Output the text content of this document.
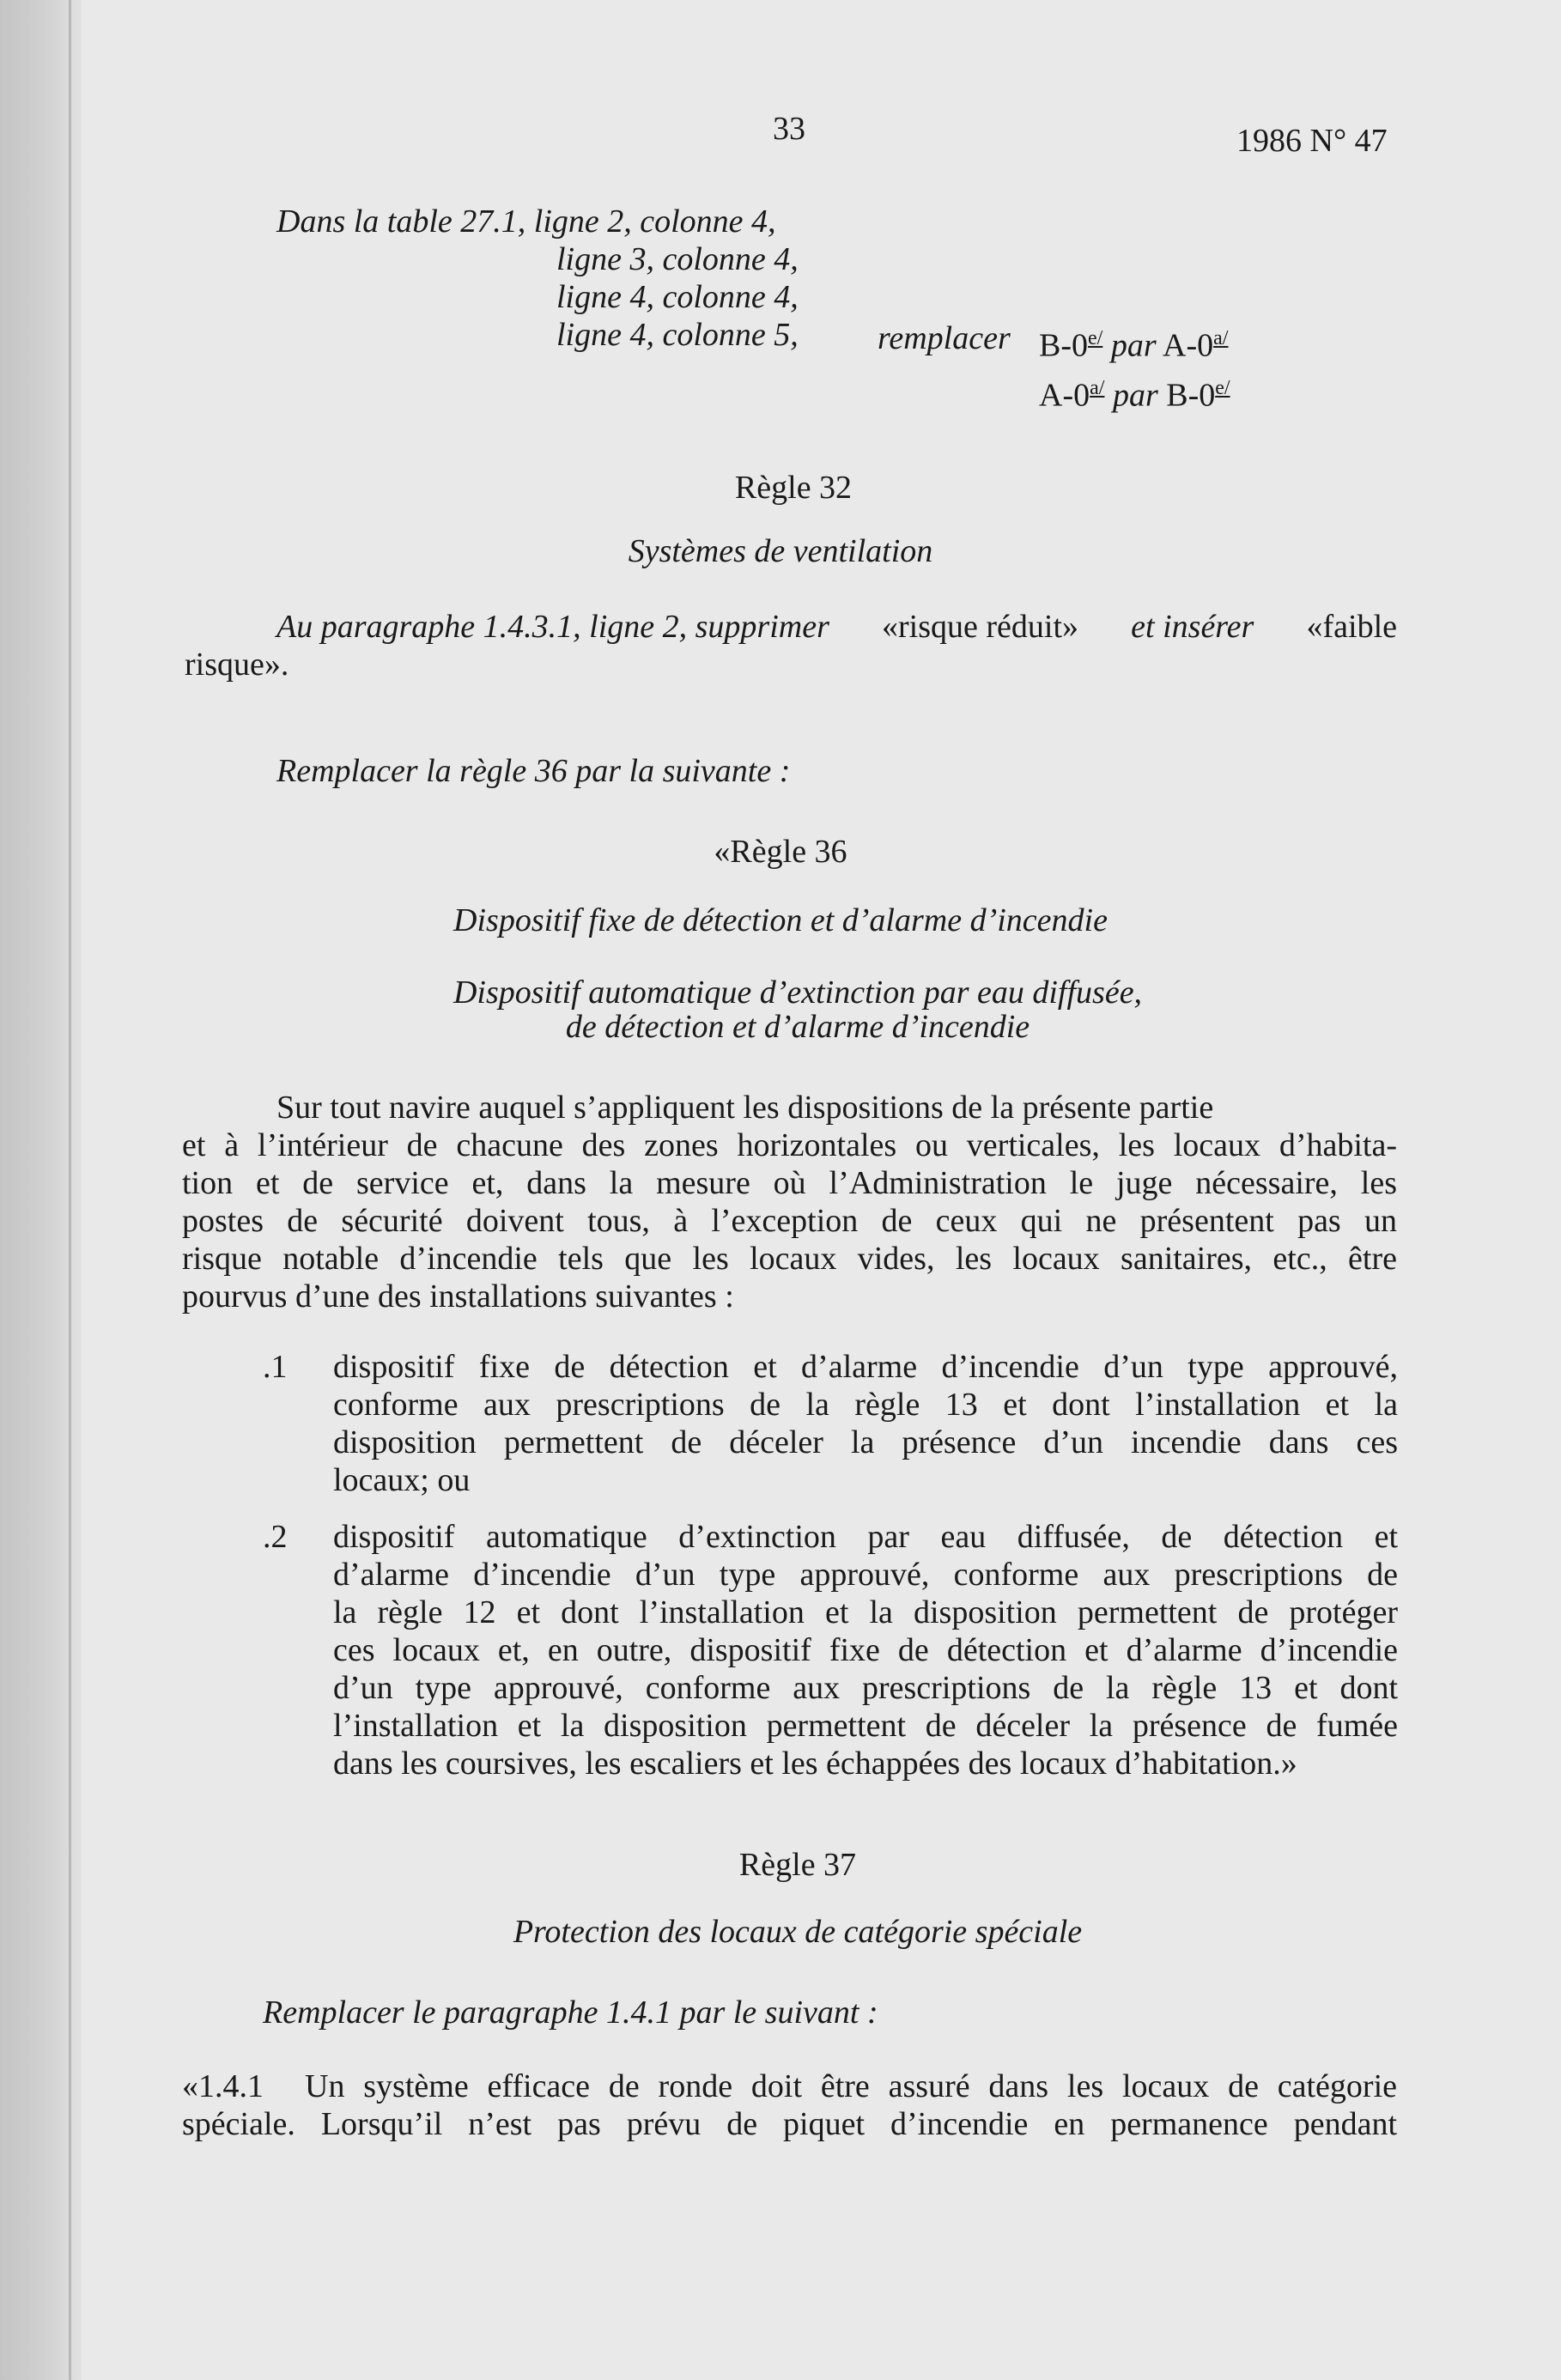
33	1986 N° 47
Dans la table 27.1, ligne 2, colonne 4,
ligne 3, colonne 4,
ligne 4, colonne 4,
ligne 4, colonne 5, remplacer $B-0^{e/}$ par $A-0^{a/}$
$A-0^{a/}$ par $B-0^{e/}$
Règle 32
Systèmes de ventilation
Au paragraphe 1.4.3.1, ligne 2, supprimer «risque réduit» et insérer «faible
risque».
Remplacer la règle 36 par la suivante :
«Règle 36
Dispositif fixe de détection et d’alarme d’incendie
Dispositif automatique d’extinction par eau diffusée,
de détection et d’alarme d’incendie
Sur tout navire auquel s’appliquent les dispositions de la présente partie
et à l’intérieur de chacune des zones horizontales ou verticales, les locaux d’habita-
tion et de service et, dans la mesure où l’Administration le juge nécessaire, les
postes de sécurité doivent tous, à l’exception de ceux qui ne présentent pas un
risque notable d’incendie tels que les locaux vides, les locaux sanitaires, etc., être
pourvus d’une des installations suivantes :
.1 dispositif fixe de détection et d’alarme d’incendie d’un type approuvé,
conforme aux prescriptions de la règle 13 et dont l’installation et la
disposition permettent de déceler la présence d’un incendie dans ces
locaux; ou
.2 dispositif automatique d’extinction par eau diffusée, de détection et
d’alarme d’incendie d’un type approuvé, conforme aux prescriptions de
la règle 12 et dont l’installation et la disposition permettent de protéger
ces locaux et, en outre, dispositif fixe de détection et d’alarme d’incendie
d’un type approuvé, conforme aux prescriptions de la règle 13 et dont
l’installation et la disposition permettent de déceler la présence de fumée
dans les coursives, les escaliers et les échappées des locaux d’habitation.»
Règle 37
Protection des locaux de catégorie spéciale
Remplacer le paragraphe 1.4.1 par le suivant :
«1.4.1 Un système efficace de ronde doit être assuré dans les locaux de catégorie
spéciale. Lorsqu’il n’est pas prévu de piquet d’incendie en permanence pendant
